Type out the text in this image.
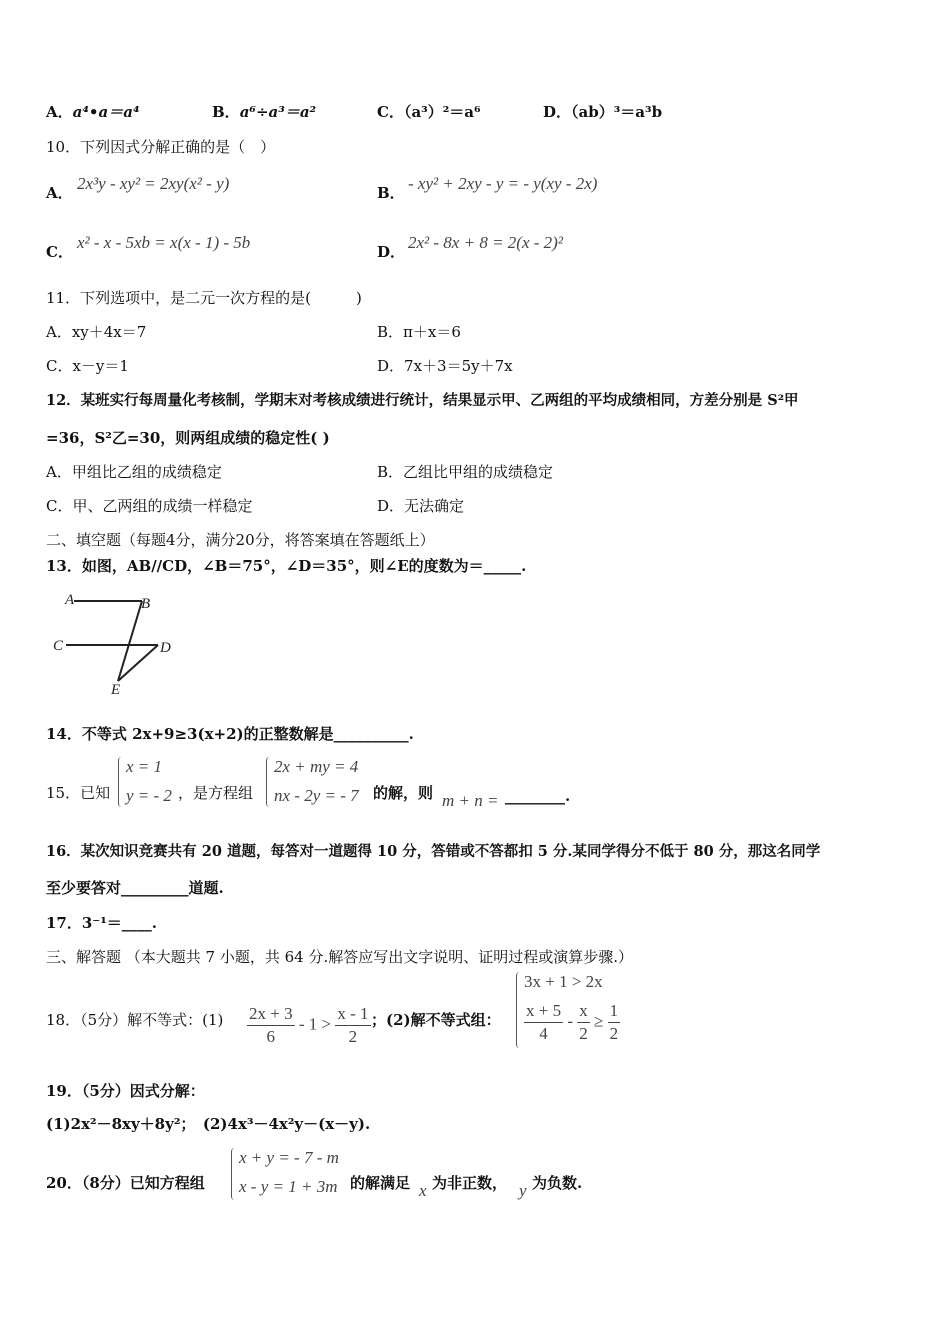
A．a⁴•a＝a⁴	B．a⁶÷a³＝a²	C．（a³）²＝a⁶	D．（ab）³＝a³b
10．下列因式分解正确的是（　）
A． 2x³y - xy² = 2xy(x² - y)	B． - xy² + 2xy - y = - y(xy - 2x)
C． x² - x - 5xb = x(x - 1) - 5b	D． 2x² - 8x + 8 = 2(x - 2)²
11．下列选项中，是二元一次方程的是(　　　)
A．xy＋4x＝7	B．π＋x＝6
C．x－y＝1	D．7x＋3＝5y＋7x
12．某班实行每周量化考核制，学期末对考核成绩进行统计，结果显示甲、乙两组的平均成绩相同，方差分别是 S²甲
=36，S²乙=30，则两组成绩的稳定性( )
A．甲组比乙组的成绩稳定	B．乙组比甲组的成绩稳定
C．甲、乙两组的成绩一样稳定	D．无法确定
二、填空题（每题4分，满分20分，将答案填在答题纸上）
13．如图，AB//CD，∠B＝75°，∠D＝35°，则∠E的度数为＝_____.
A	B
C	D
E
14．不等式 2x+9≥3(x+2)的正整数解是__________.
15．已知
x = 1
y = - 2 ，是方程组
2x + my = 4
nx - 2y = - 7 的解，则 m + n = ________.
16．某次知识竞赛共有 20 道题，每答对一道题得 10 分，答错或不答都扣 5 分.某同学得分不低于 80 分，那这名同学
至少要答对_________道题.
17．3⁻¹＝____.
三、解答题 （本大题共 7 小题，共 64 分.解答应写出文字说明、证明过程或演算步骤.）
18．（5分）解不等式：$(1) \frac{2x + 3}{6} - 1 > \frac{x - 1}{2}$ ；(2)解不等式组：
3x + 1 > 2x
$\frac{x + 5}{4} - \frac{x}{2} \ge \frac{1}{2}$
19．（5分）因式分解：
(1)2x²－8xy＋8y²；　(2)4x³－4x²y－(x－y).
20．（8分）已知方程组
x + y = - 7 - m
x - y = 1 + 3m 的解满足 x 为非正数， y 为负数.
